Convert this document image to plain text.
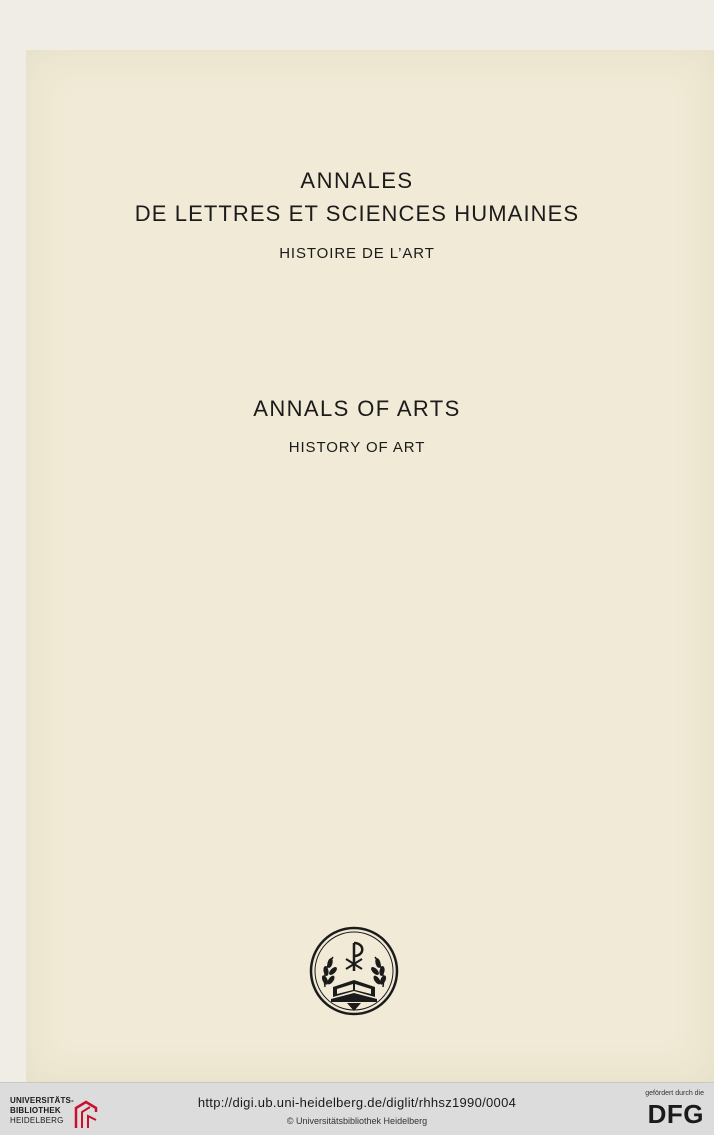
ANNALES
DE LETTRES ET SCIENCES HUMAINES
HISTOIRE DE L’ART
ANNALS OF ARTS
HISTORY OF ART
UNIVERSITÄTS-
BIBLIOTHEK
HEIDELBERG
http://digi.ub.uni-heidelberg.de/diglit/rhhsz1990/0004
© Universitätsbibliothek Heidelberg
gefördert durch die
DFG
